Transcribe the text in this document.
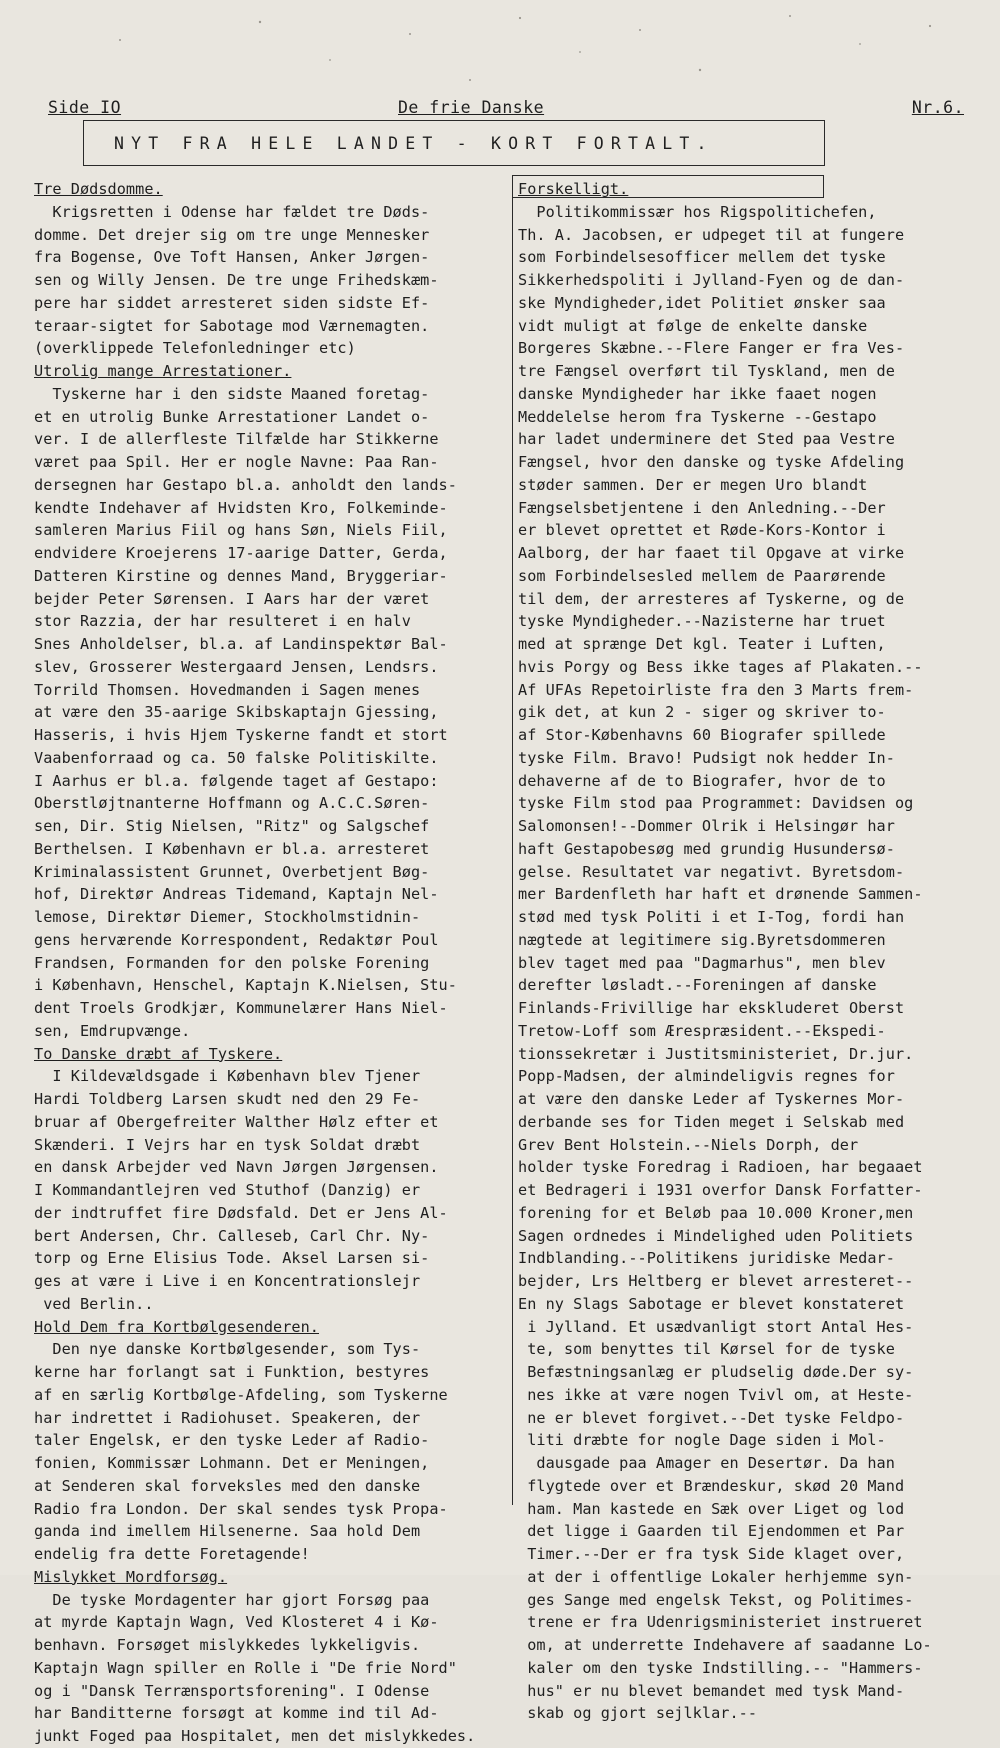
Side IO	De frie Danske	Nr.6.
NYT FRA HELE LANDET - KORT FORTALT.
Tre Dødsdomme.
Krigsretten i Odense har fældet tre Døds-
domme. Det drejer sig om tre unge Mennesker
fra Bogense, Ove Toft Hansen, Anker Jørgen-
sen og Willy Jensen. De tre unge Frihedskæm-
pere har siddet arresteret siden sidste Ef-
teraar-sigtet for Sabotage mod Værnemagten.
(overklippede Telefonledninger etc)
Utrolig mange Arrestationer.
Tyskerne har i den sidste Maaned foretag-
et en utrolig Bunke Arrestationer Landet o-
ver. I de allerfleste Tilfælde har Stikkerne
været paa Spil. Her er nogle Navne: Paa Ran-
dersegnen har Gestapo bl.a. anholdt den lands-
kendte Indehaver af Hvidsten Kro, Folkeminde-
samleren Marius Fiil og hans Søn, Niels Fiil,
endvidere Kroejerens 17-aarige Datter, Gerda,
Datteren Kirstine og dennes Mand, Bryggeriar-
bejder Peter Sørensen. I Aars har der været
stor Razzia, der har resulteret i en halv
Snes Anholdelser, bl.a. af Landinspektør Bal-
slev, Grosserer Westergaard Jensen, Lendsrs.
Torrild Thomsen. Hovedmanden i Sagen menes
at være den 35-aarige Skibskaptajn Gjessing,
Hasseris, i hvis Hjem Tyskerne fandt et stort
Vaabenforraad og ca. 50 falske Politiskilte.
I Aarhus er bl.a. følgende taget af Gestapo:
Oberstløjtnanterne Hoffmann og A.C.C.Søren-
sen, Dir. Stig Nielsen, "Ritz" og Salgschef
Berthelsen. I København er bl.a. arresteret
Kriminalassistent Grunnet, Overbetjent Bøg-
hof, Direktør Andreas Tidemand, Kaptajn Nel-
lemose, Direktør Diemer, Stockholmstidnin-
gens herværende Korrespondent, Redaktør Poul
Frandsen, Formanden for den polske Forening
i København, Henschel, Kaptajn K.Nielsen, Stu-
dent Troels Grodkjær, Kommunelærer Hans Niel-
sen, Emdrupvænge.
To Danske dræbt af Tyskere.
I Kildevældsgade i København blev Tjener
Hardi Toldberg Larsen skudt ned den 29 Fe-
bruar af Obergefreiter Walther Hølz efter et
Skænderi. I Vejrs har en tysk Soldat dræbt
en dansk Arbejder ved Navn Jørgen Jørgensen.
I Kommandantlejren ved Stuthof (Danzig) er
der indtruffet fire Dødsfald. Det er Jens Al-
bert Andersen, Chr. Calleseb, Carl Chr. Ny-
torp og Erne Elisius Tode. Aksel Larsen si-
ges at være i Live i en Koncentrationslejr
ved Berlin..
Hold Dem fra Kortbølgesenderen.
Den nye danske Kortbølgesender, som Tys-
kerne har forlangt sat i Funktion, bestyres
af en særlig Kortbølge-Afdeling, som Tyskerne
har indrettet i Radiohuset. Speakeren, der
taler Engelsk, er den tyske Leder af Radio-
fonien, Kommissær Lohmann. Det er Meningen,
at Senderen skal forveksles med den danske
Radio fra London. Der skal sendes tysk Propa-
ganda ind imellem Hilsenerne. Saa hold Dem
endelig fra dette Foretagende!
Mislykket Mordforsøg.
De tyske Mordagenter har gjort Forsøg paa
at myrde Kaptajn Wagn, Ved Klosteret 4 i Kø-
benhavn. Forsøget mislykkedes lykkeligvis.
Kaptajn Wagn spiller en Rolle i "De frie Nord"
og i "Dansk Terrænsportsforening". I Odense
har Banditterne forsøgt at komme ind til Ad-
junkt Foged paa Hospitalet, men det mislykkedes.
Forskelligt.
Politikommissær hos Rigspolitichefen,
Th. A. Jacobsen, er udpeget til at fungere
som Forbindelsesofficer mellem det tyske
Sikkerhedspoliti i Jylland-Fyen og de dan-
ske Myndigheder,idet Politiet ønsker saa
vidt muligt at følge de enkelte danske
Borgeres Skæbne.--Flere Fanger er fra Ves-
tre Fængsel overført til Tyskland, men de
danske Myndigheder har ikke faaet nogen
Meddelelse herom fra Tyskerne --Gestapo
har ladet underminere det Sted paa Vestre
Fængsel, hvor den danske og tyske Afdeling
støder sammen. Der er megen Uro blandt
Fængselsbetjentene i den Anledning.--Der
er blevet oprettet et Røde-Kors-Kontor i
Aalborg, der har faaet til Opgave at virke
som Forbindelsesled mellem de Paarørende
til dem, der arresteres af Tyskerne, og de
tyske Myndigheder.--Nazisterne har truet
med at sprænge Det kgl. Teater i Luften,
hvis Porgy og Bess ikke tages af Plakaten.--
Af UFAs Repetoirliste fra den 3 Marts frem-
gik det, at kun 2 - siger og skriver to-
af Stor-Københavns 60 Biografer spillede
tyske Film. Bravo! Pudsigt nok hedder In-
dehaverne af de to Biografer, hvor de to
tyske Film stod paa Programmet: Davidsen og
Salomonsen!--Dommer Olrik i Helsingør har
haft Gestapobesøg med grundig Husundersø-
gelse. Resultatet var negativt. Byretsdom-
mer Bardenfleth har haft et drønende Sammen-
stød med tysk Politi i et I-Tog, fordi han
nægtede at legitimere sig.Byretsdommeren
blev taget med paa "Dagmarhus", men blev
derefter løsladt.--Foreningen af danske
Finlands-Frivillige har ekskluderet Oberst
Tretow-Loff som Ærespræsident.--Ekspedi-
tionssekretær i Justitsministeriet, Dr.jur.
Popp-Madsen, der almindeligvis regnes for
at være den danske Leder af Tyskernes Mor-
derbande ses for Tiden meget i Selskab med
Grev Bent Holstein.--Niels Dorph, der
holder tyske Foredrag i Radioen, har begaaet
et Bedrageri i 1931 overfor Dansk Forfatter-
forening for et Beløb paa 10.000 Kroner,men
Sagen ordnedes i Mindelighed uden Politiets
Indblanding.--Politikens juridiske Medar-
bejder, Lrs Heltberg er blevet arresteret--
En ny Slags Sabotage er blevet konstateret
i Jylland. Et usædvanligt stort Antal Hes-
te, som benyttes til Kørsel for de tyske
Befæstningsanlæg er pludselig døde.Der sy-
nes ikke at være nogen Tvivl om, at Heste-
ne er blevet forgivet.--Det tyske Feldpo-
liti dræbte for nogle Dage siden i Mol-
dausgade paa Amager en Desertør. Da han
flygtede over et Brændeskur, skød 20 Mand
ham. Man kastede en Sæk over Liget og lod
det ligge i Gaarden til Ejendommen et Par
Timer.--Der er fra tysk Side klaget over,
at der i offentlige Lokaler herhjemme syn-
ges Sange med engelsk Tekst, og Politimes-
trene er fra Udenrigsministeriet instrueret
om, at underrette Indehavere af saadanne Lo-
kaler om den tyske Indstilling.-- "Hammers-
hus" er nu blevet bemandet med tysk Mand-
skab og gjort sejlklar.--
